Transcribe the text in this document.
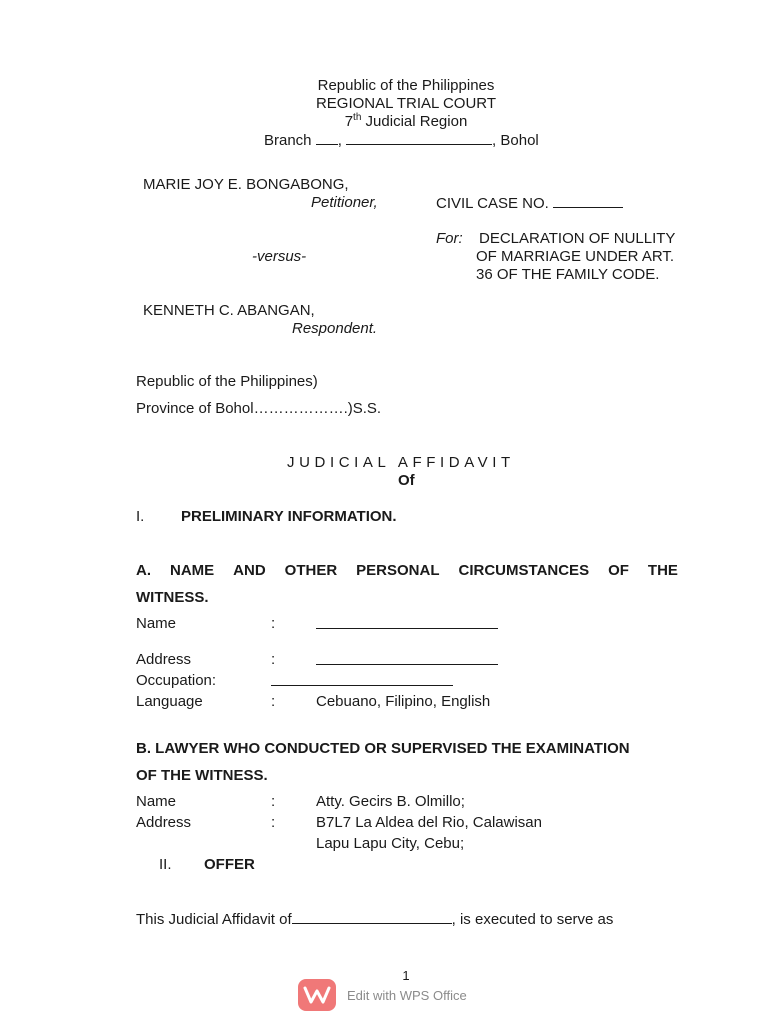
Republic of the Philippines
REGIONAL TRIAL COURT
7th Judicial Region
Branch ,	, Bohol
MARIE JOY E. BONGABONG,
Petitioner,	CIVIL CASE NO.
For: DECLARATION OF NULLITY
OF MARRIAGE UNDER ART.
36 OF THE FAMILY CODE.
-versus-
KENNETH C. ABANGAN,
Respondent.
Republic of the Philippines)
Province of Bohol……………….)S.S.
JUDICIAL AFFIDAVIT
Of
I. PRELIMINARY INFORMATION.
A. NAME AND OTHER PERSONAL CIRCUMSTANCES OF THE
WITNESS.
Name	:
Address	:
Occupation:
Language	:	Cebuano, Filipino, English
B. LAWYER WHO CONDUCTED OR SUPERVISED THE EXAMINATION
OF THE WITNESS.
Name	:	Atty. Gecirs B. Olmillo;
Address	:	B7L7 La Aldea del Rio, Calawisan
Lapu Lapu City, Cebu;
II. OFFER
This Judicial Affidavit of	, is executed to serve as
1
Edit with WPS Office
